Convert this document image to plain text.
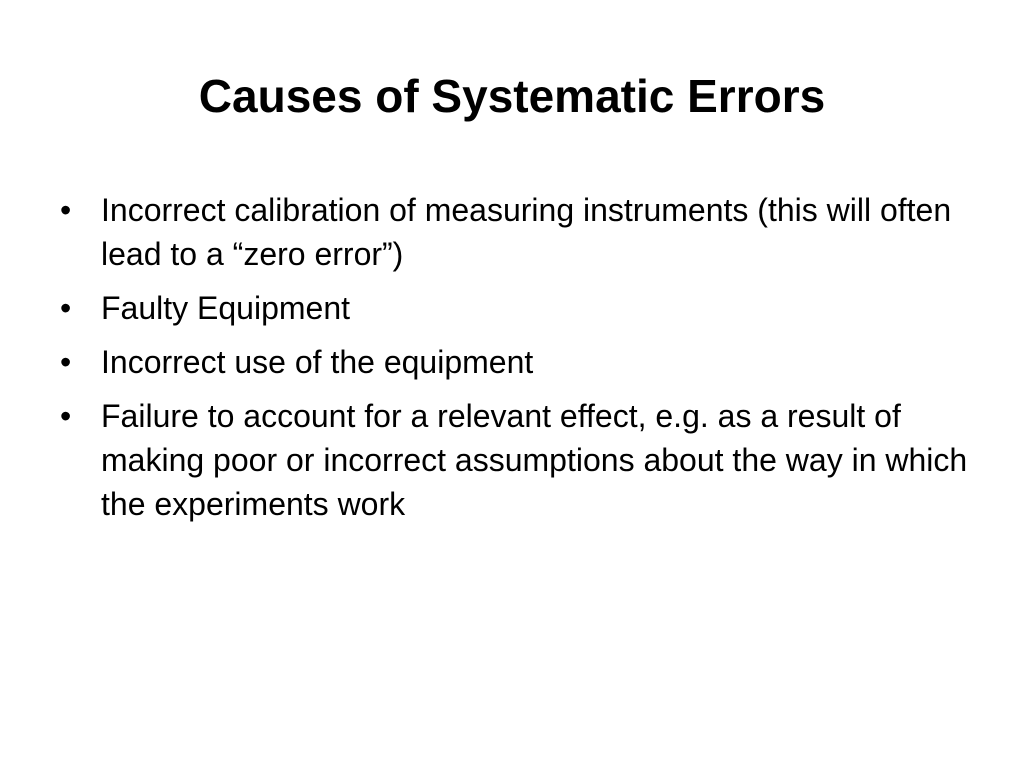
Causes of Systematic Errors
• Incorrect calibration of measuring instruments (this will often lead to a “zero error”)
• Faulty Equipment
• Incorrect use of the equipment
• Failure to account for a relevant effect, e.g. as a result of making poor or incorrect assumptions about the way in which the experiments work
